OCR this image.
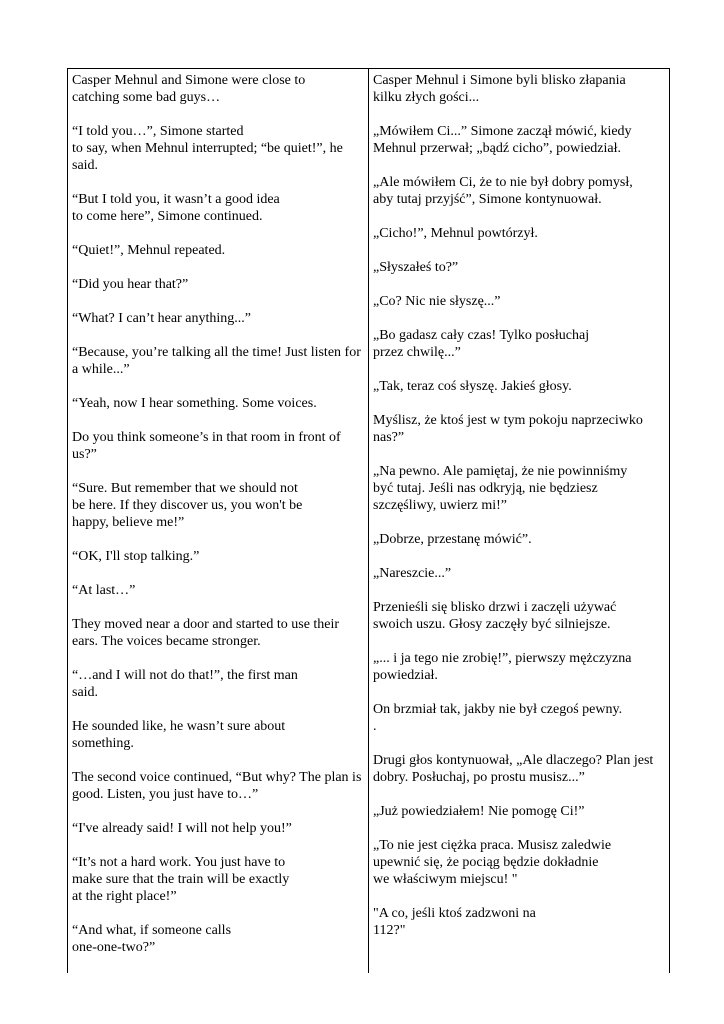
Casper Mehnul and Simone were close to
catching some bad guys…

“I told you…”, Simone started
to say, when Mehnul interrupted; “be quiet!”, he said.

“But I told you, it wasn’t a good idea
to come here”, Simone continued.

“Quiet!”, Mehnul repeated.

“Did you hear that?”

“What? I can’t hear anything...”

“Because, you’re talking all the time! Just listen for a while...”

“Yeah, now I hear something. Some voices.

Do you think someone’s in that room in front of us?”

“Sure. But remember that we should not
be here. If they discover us, you won't be
happy, believe me!”

“OK, I'll stop talking.”

“At last…”

They moved near a door and started to use their ears. The voices became stronger.

“…and I will not do that!”, the first man
said.

He sounded like, he wasn’t sure about
something.

The second voice continued, “But why? The plan is good. Listen, you just have to…”

“I've already said! I will not help you!”

“It’s not a hard work. You just have to
make sure that the train will be exactly
at the right place!”

“And what, if someone calls
one-one-two?”

Casper Mehnul i Simone byli blisko złapania
kilku złych gości...

„Mówiłem Ci...” Simone zaczął mówić, kiedy Mehnul przerwał; „bądź cicho”, powiedział.

„Ale mówiłem Ci, że to nie był dobry pomysł,
aby tutaj przyjść”, Simone kontynuował.

„Cicho!”, Mehnul powtórzył.

„Słyszałeś to?”

„Co? Nic nie słyszę...”

„Bo gadasz cały czas! Tylko posłuchaj
przez chwilę...”

„Tak, teraz coś słyszę. Jakieś głosy.

Myślisz, że ktoś jest w tym pokoju naprzeciwko nas?”

„Na pewno. Ale pamiętaj, że nie powinniśmy
być tutaj. Jeśli nas odkryją, nie będziesz
szczęśliwy, uwierz mi!”

„Dobrze, przestanę mówić”.

„Nareszcie...”

Przenieśli się blisko drzwi i zaczęli używać
swoich uszu. Głosy zaczęły być silniejsze.

„... i ja tego nie zrobię!”, pierwszy mężczyzna
powiedział.

On brzmiał tak, jakby nie był czegoś pewny.
.

Drugi głos kontynuował, „Ale dlaczego? Plan jest dobry. Posłuchaj, po prostu musisz...”

„Już powiedziałem! Nie pomogę Ci!”

„To nie jest ciężka praca. Musisz zaledwie
upewnić się, że pociąg będzie dokładnie
we właściwym miejscu! "

"A co, jeśli ktoś zadzwoni na
112?"
